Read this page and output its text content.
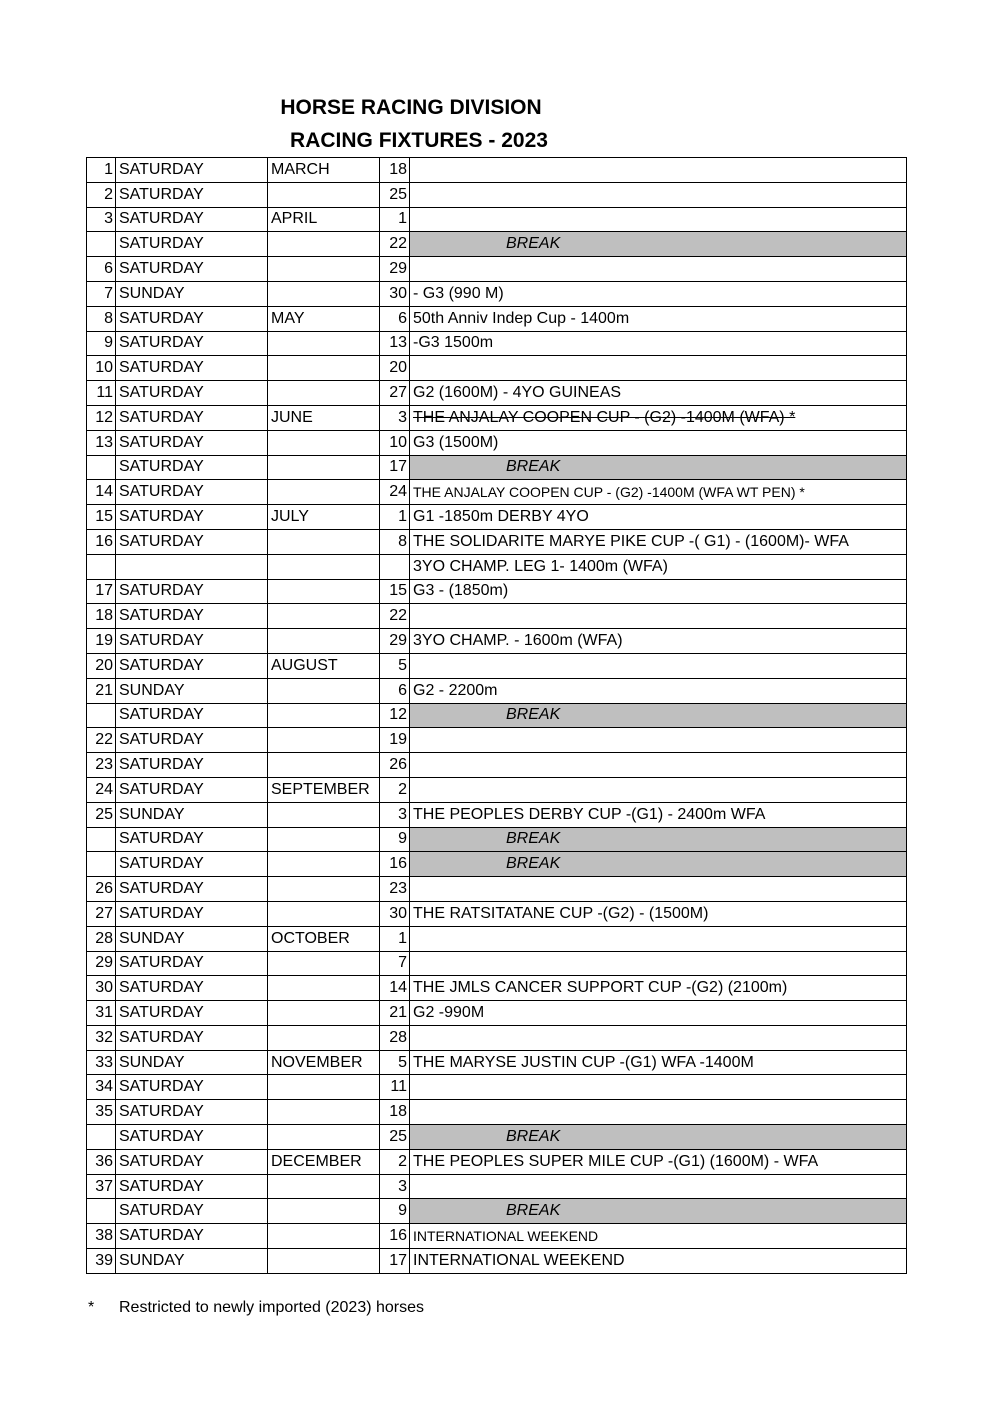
HORSE RACING DIVISION
RACING FIXTURES - 2023
1	SATURDAY	MARCH	18	
2	SATURDAY		25	
3	SATURDAY	APRIL	1	
	SATURDAY		22	BREAK
6	SATURDAY		29	
7	SUNDAY		30	- G3 (990 M)
8	SATURDAY	MAY	6	50th Anniv Indep Cup - 1400m
9	SATURDAY		13	-G3 1500m
10	SATURDAY		20	
11	SATURDAY		27	G2 (1600M) - 4YO GUINEAS
12	SATURDAY	JUNE	3	THE ANJALAY COOPEN CUP - (G2) -1400M (WFA) *
13	SATURDAY		10	G3 (1500M)
	SATURDAY		17	BREAK
14	SATURDAY		24	THE ANJALAY COOPEN CUP - (G2) -1400M (WFA WT PEN) *
15	SATURDAY	JULY	1	G1 -1850m DERBY 4YO
16	SATURDAY		8	THE SOLIDARITE MARYE PIKE CUP -( G1) - (1600M)- WFA
				3YO CHAMP. LEG 1- 1400m (WFA)
17	SATURDAY		15	G3 - (1850m)
18	SATURDAY		22	
19	SATURDAY		29	3YO CHAMP. - 1600m (WFA)
20	SATURDAY	AUGUST	5	
21	SUNDAY		6	G2 - 2200m
	SATURDAY		12	BREAK
22	SATURDAY		19	
23	SATURDAY		26	
24	SATURDAY	SEPTEMBER	2	
25	SUNDAY		3	THE PEOPLES DERBY CUP -(G1) - 2400m WFA
	SATURDAY		9	BREAK
	SATURDAY		16	BREAK
26	SATURDAY		23	
27	SATURDAY		30	THE RATSITATANE CUP -(G2) - (1500M)
28	SUNDAY	OCTOBER	1	
29	SATURDAY		7	
30	SATURDAY		14	THE JMLS CANCER SUPPORT CUP -(G2) (2100m)
31	SATURDAY		21	G2 -990M
32	SATURDAY		28	
33	SUNDAY	NOVEMBER	5	THE MARYSE JUSTIN CUP -(G1) WFA -1400M
34	SATURDAY		11	
35	SATURDAY		18	
	SATURDAY		25	BREAK
36	SATURDAY	DECEMBER	2	THE PEOPLES SUPER MILE CUP -(G1) (1600M) - WFA
37	SATURDAY		3	
	SATURDAY		9	BREAK
38	SATURDAY		16	INTERNATIONAL WEEKEND
39	SUNDAY		17	INTERNATIONAL WEEKEND
* Restricted to newly imported (2023) horses
